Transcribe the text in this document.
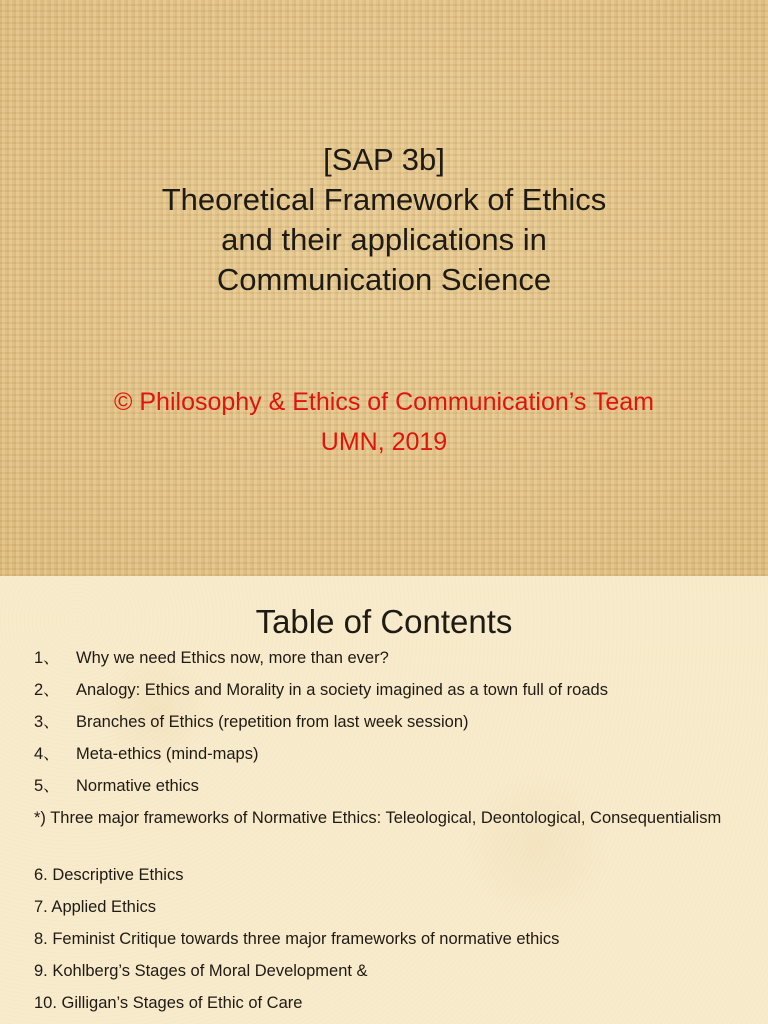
[SAP 3b]
Theoretical Framework of Ethics
and their applications in
Communication Science
© Philosophy & Ethics of Communication’s Team
UMN, 2019
Table of Contents
1、 Why we need Ethics now, more than ever?
2、 Analogy: Ethics and Morality in a society imagined as a town full of roads
3、 Branches of Ethics (repetition from last week session)
4、 Meta-ethics (mind-maps)
5、 Normative ethics
*) Three major frameworks of Normative Ethics: Teleological, Deontological, Consequentialism
6. Descriptive Ethics
7. Applied Ethics
8. Feminist Critique towards three major frameworks of normative ethics
9. Kohlberg’s Stages of Moral Development &
10. Gilligan’s Stages of Ethic of Care
